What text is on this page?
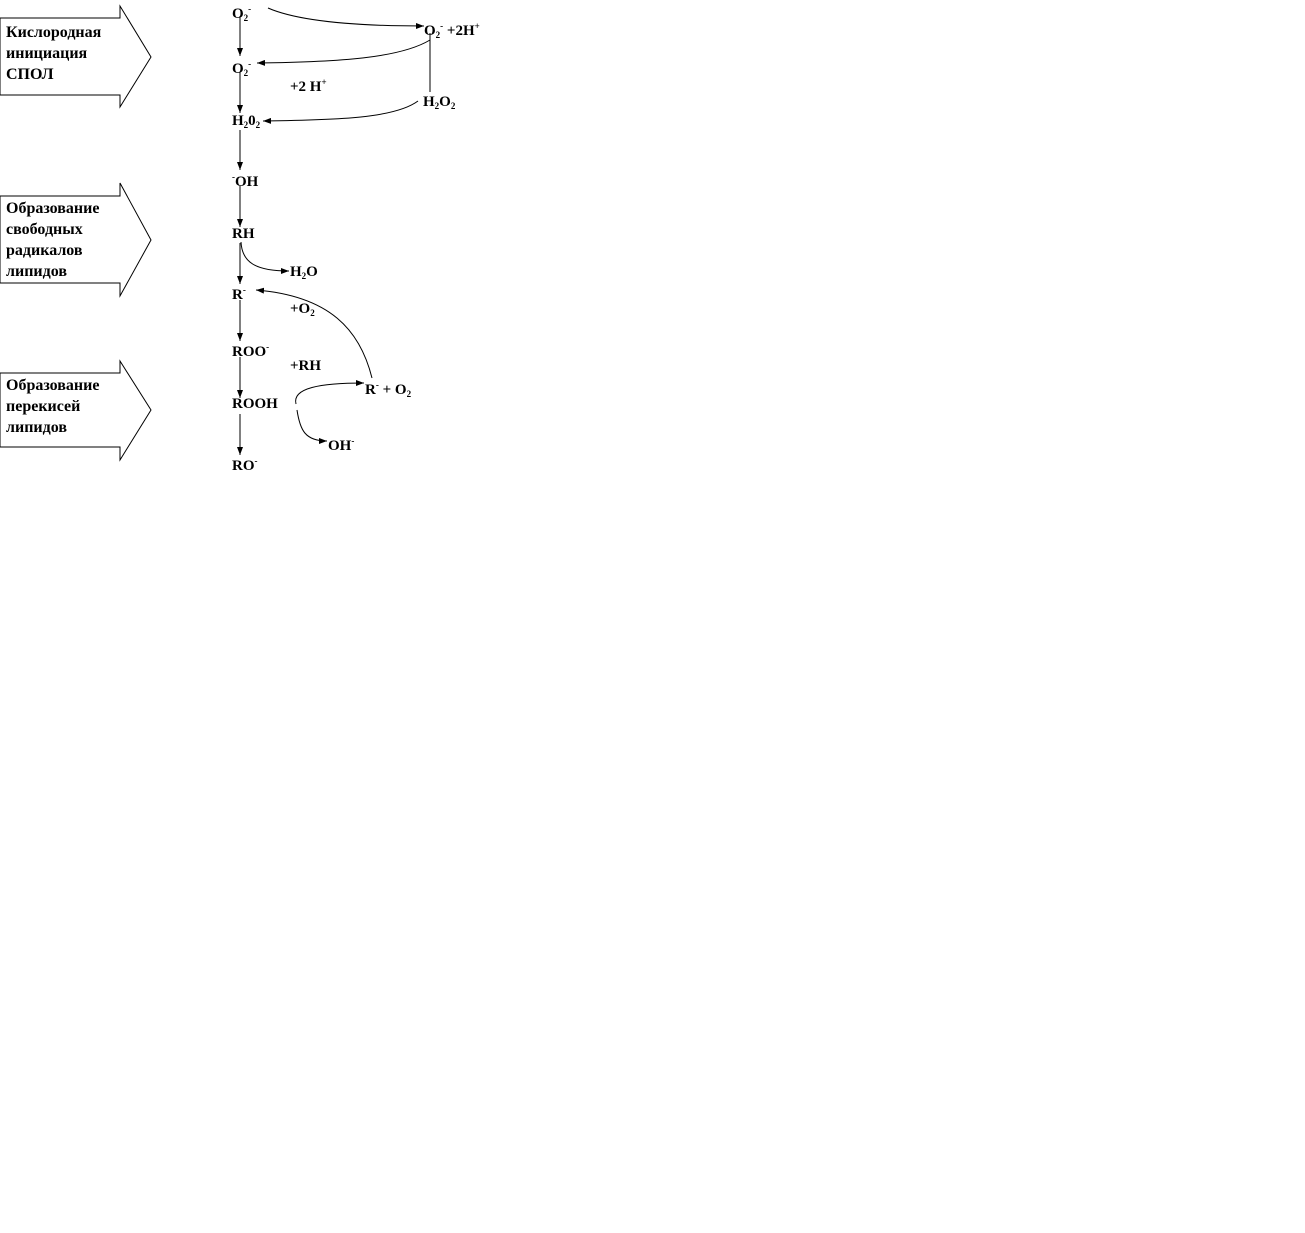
Кислородная
инициация
СПОЛ
Образование
свободных
радикалов
липидов
Образование
перекисей
липидов
$O_2^-$
$O_2^- +2H^+$
$O_2^-$
+2 H+
$H_2O_2$
$H_20_2$
-OH
RH
$H_2O$
R-
$+O_2$
ROO-
+RH
$R^- + O_2$
ROOH
OH-
RO-
